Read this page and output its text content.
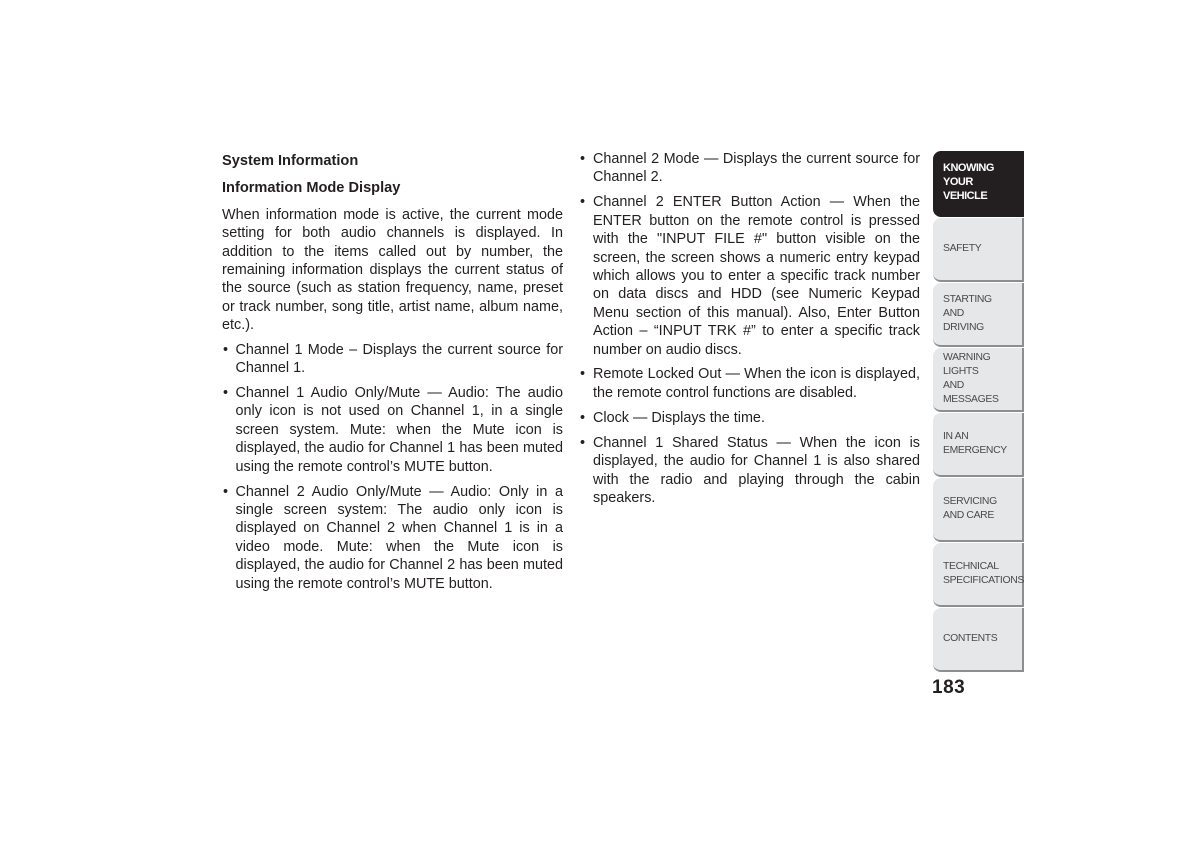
System Information
Information Mode Display

When information mode is active, the current mode setting for both audio channels is displayed. In addition to the items called out by number, the remaining information displays the current status of the source (such as station frequency, name, preset or track number, song title, artist name, album name, etc.).

• Channel 1 Mode – Displays the current source for Channel 1.
• Channel 1 Audio Only/Mute — Audio: The audio only icon is not used on Channel 1, in a single screen system. Mute: when the Mute icon is displayed, the audio for Channel 1 has been muted using the remote control’s MUTE button.
• Channel 2 Audio Only/Mute — Audio: Only in a single screen system: The audio only icon is displayed on Channel 2 when Channel 1 is in a video mode. Mute: when the Mute icon is displayed, the audio for Channel 2 has been muted using the remote control’s MUTE button.
• Channel 2 Mode — Displays the current source for Channel 2.
• Channel 2 ENTER Button Action — When the ENTER button on the remote control is pressed with the "INPUT FILE #" button visible on the screen, the screen shows a numeric entry keypad which allows you to enter a specific track number on data discs and HDD (see Numeric Keypad Menu section of this manual). Also, Enter Button Action – “INPUT TRK #” to enter a specific track number on audio discs.
• Remote Locked Out — When the icon is displayed, the remote control functions are disabled.
• Clock — Displays the time.
• Channel 1 Shared Status — When the icon is displayed, the audio for Channel 1 is also shared with the radio and playing through the cabin speakers.
KNOWING
YOUR
VEHICLE
SAFETY
STARTING
AND
DRIVING
WARNING
LIGHTS
AND
MESSAGES
IN AN
EMERGENCY
SERVICING
AND CARE
TECHNICAL
SPECIFICATIONS
CONTENTS
183
